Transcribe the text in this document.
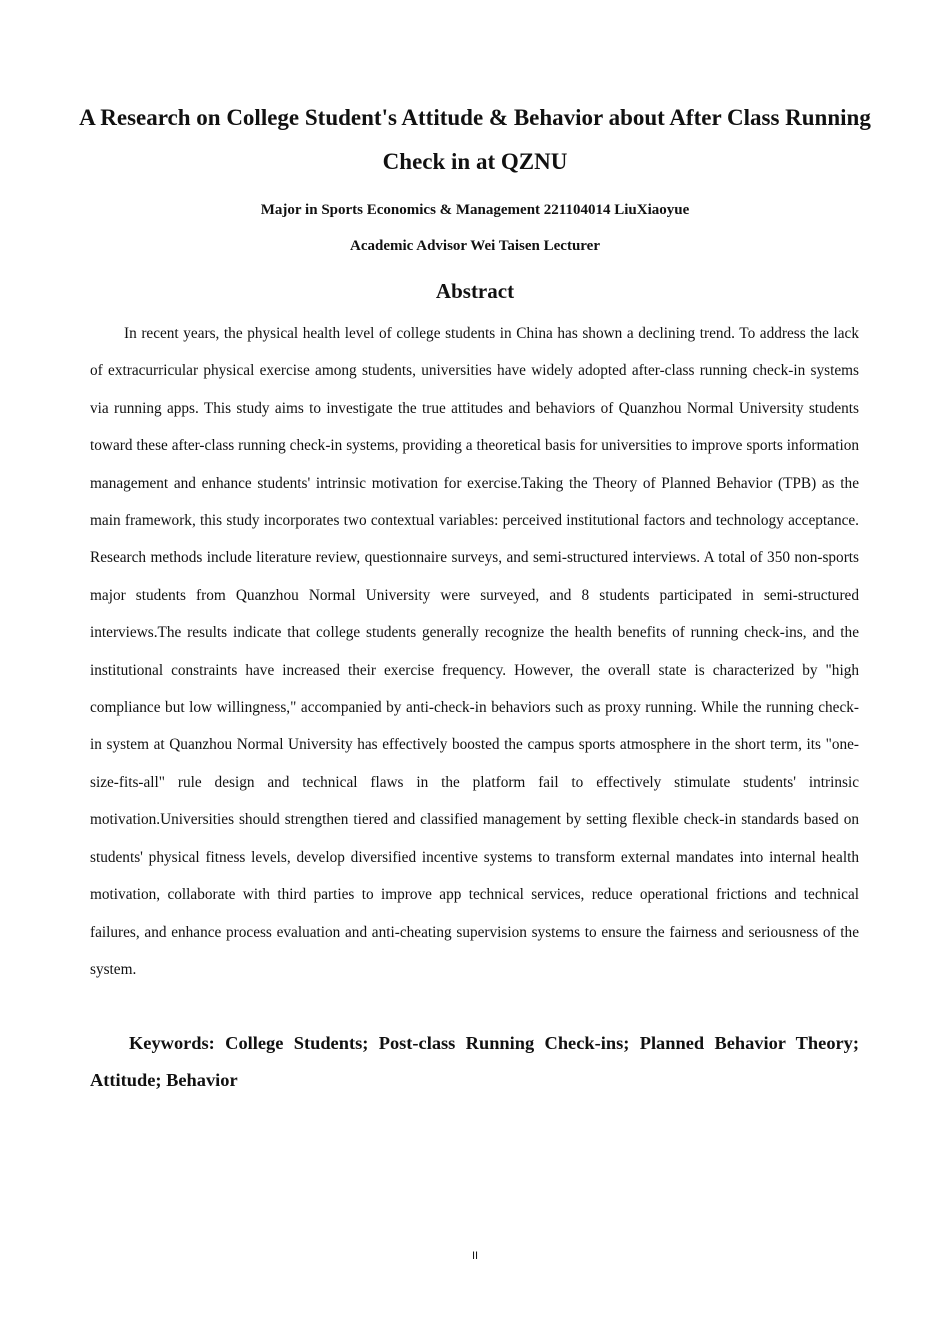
A Research on College Student's Attitude & Behavior about After Class Running Check in at QZNU

Major in Sports Economics & Management 221104014 LiuXiaoyue

Academic Advisor Wei Taisen Lecturer

Abstract

In recent years, the physical health level of college students in China has shown a declining trend. To address the lack of extracurricular physical exercise among students, universities have widely adopted after-class running check-in systems via running apps. This study aims to investigate the true attitudes and behaviors of Quanzhou Normal University students toward these after-class running check-in systems, providing a theoretical basis for universities to improve sports information management and enhance students' intrinsic motivation for exercise.Taking the Theory of Planned Behavior (TPB) as the main framework, this study incorporates two contextual variables: perceived institutional factors and technology acceptance. Research methods include literature review, questionnaire surveys, and semi-structured interviews. A total of 350 non-sports major students from Quanzhou Normal University were surveyed, and 8 students participated in semi-structured interviews.The results indicate that college students generally recognize the health benefits of running check-ins, and the institutional constraints have increased their exercise frequency. However, the overall state is characterized by "high compliance but low willingness," accompanied by anti-check-in behaviors such as proxy running. While the running check-in system at Quanzhou Normal University has effectively boosted the campus sports atmosphere in the short term, its "one-size-fits-all" rule design and technical flaws in the platform fail to effectively stimulate students' intrinsic motivation.Universities should strengthen tiered and classified management by setting flexible check-in standards based on students' physical fitness levels, develop diversified incentive systems to transform external mandates into internal health motivation, collaborate with third parties to improve app technical services, reduce operational frictions and technical failures, and enhance process evaluation and anti-cheating supervision systems to ensure the fairness and seriousness of the system.

Keywords: College Students; Post-class Running Check-ins; Planned Behavior Theory; Attitude; Behavior

II
